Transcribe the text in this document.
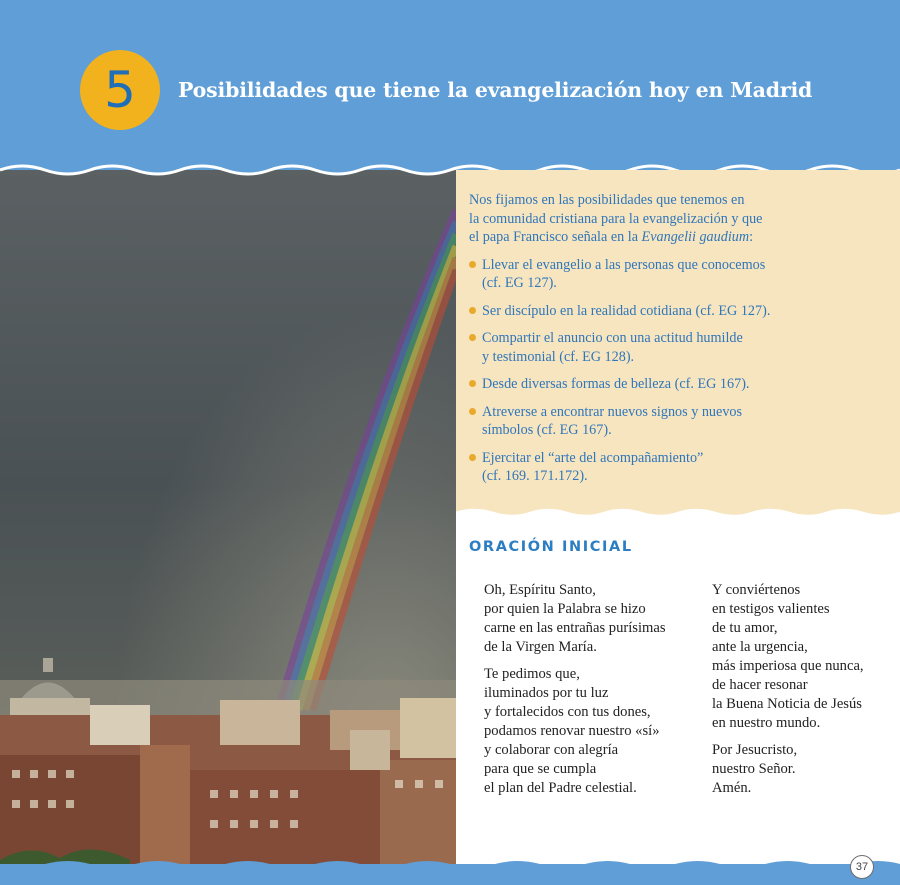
5 Posibilidades que tiene la evangelización hoy en Madrid

Nos fijamos en las posibilidades que tenemos en

la comunidad cristiana para la evangelización y que

el papa Francisco señala en la Evangelii gaudium:

Llevar el evangelio a las personas que conocemos
(cf. EG 127).
Ser discípulo en la realidad cotidiana (cf. EG 127).
Compartir el anuncio con una actitud humilde
y testimonial (cf. EG 128).
Desde diversas formas de belleza (cf. EG 167).
Atreverse a encontrar nuevos signos y nuevos
símbolos (cf. EG 167).
Ejercitar el “arte del acompañamiento”
(cf. 169. 171.172).
ORACIÓN INICIAL
Oh, Espíritu Santo,
por quien la Palabra se hizo
carne en las entrañas purísimas
de la Virgen María.
Te pedimos que,
iluminados por tu luz
y fortalecidos con tus dones,
podamos renovar nuestro «sí»
y colaborar con alegría
para que se cumpla
el plan del Padre celestial.
Y conviértenos
en testigos valientes
de tu amor,
ante la urgencia,
más imperiosa que nunca,
de hacer resonar
la Buena Noticia de Jesús
en nuestro mundo.
Por Jesucristo,
nuestro Señor.
Amén.
37
